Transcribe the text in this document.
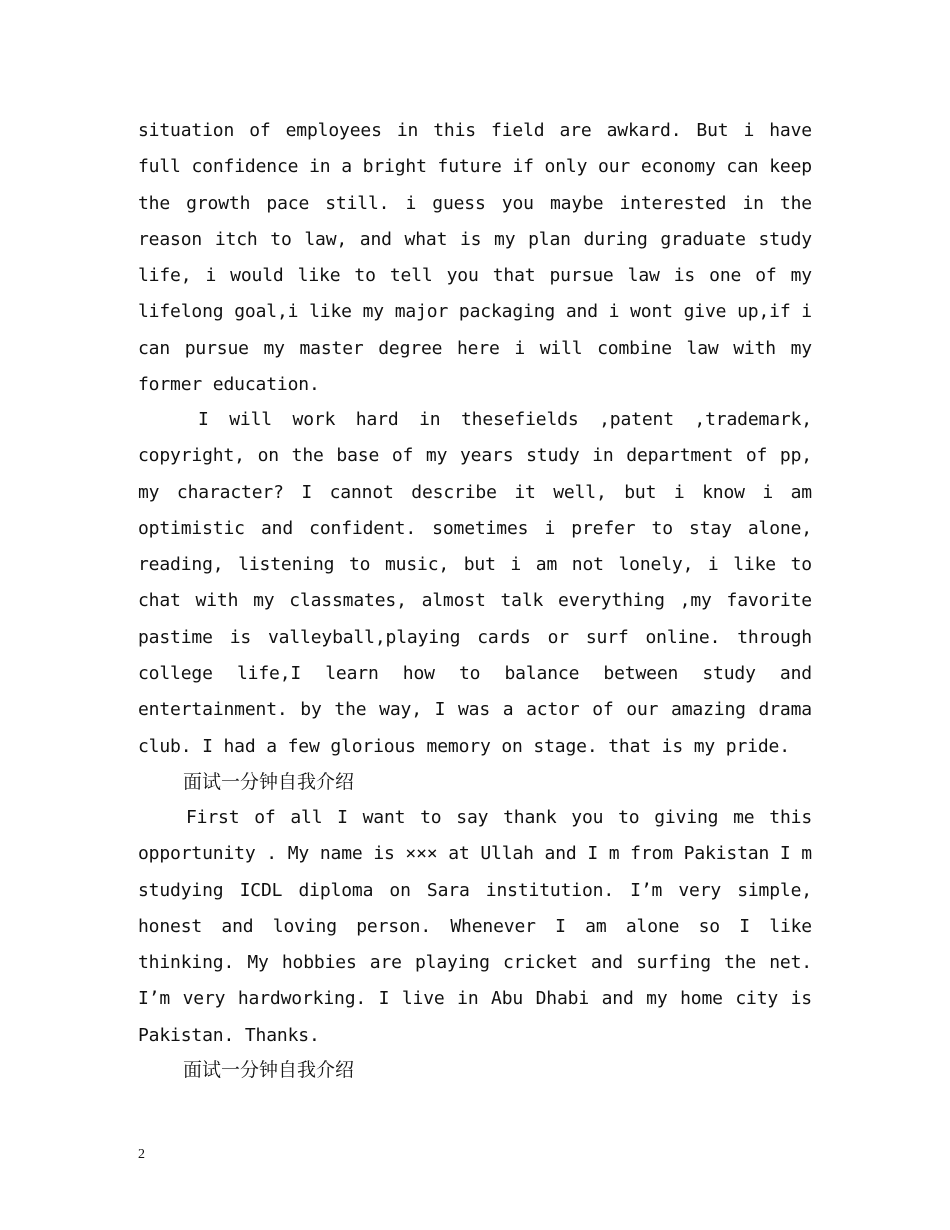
situation of employees in this field are awkard. But i have full confidence in a bright future if only our economy can keep the growth pace still. i guess you maybe interested in the reason itch to law, and what is my plan during graduate study life, i would like to tell you that pursue law is one of my lifelong goal,i like my major packaging and i wont give up,if i can pursue my master degree here i will combine law with my former education.

I will work hard in thesefields ,patent ,trademark, copyright, on the base of my years study in department of pp, my character? I cannot describe it well, but i know i am optimistic and confident. sometimes i prefer to stay alone, reading, listening to music, but i am not lonely, i like to chat with my classmates, almost talk everything ,my favorite pastime is valleyball,playing cards or surf online. through college life,I learn how to balance between study and entertainment. by the way, I was a actor of our amazing drama club. I had a few glorious memory on stage. that is my pride.

面试一分钟自我介绍

First of all I want to say thank you to giving me this opportunity . My name is ××× at Ullah and I m from Pakistan I m studying ICDL diploma on Sara institution. I’m very simple, honest and loving person. Whenever I am alone so I like thinking. My hobbies are playing cricket and surfing the net. I’m very hardworking. I live in Abu Dhabi and my home city is Pakistan. Thanks.

面试一分钟自我介绍

2
